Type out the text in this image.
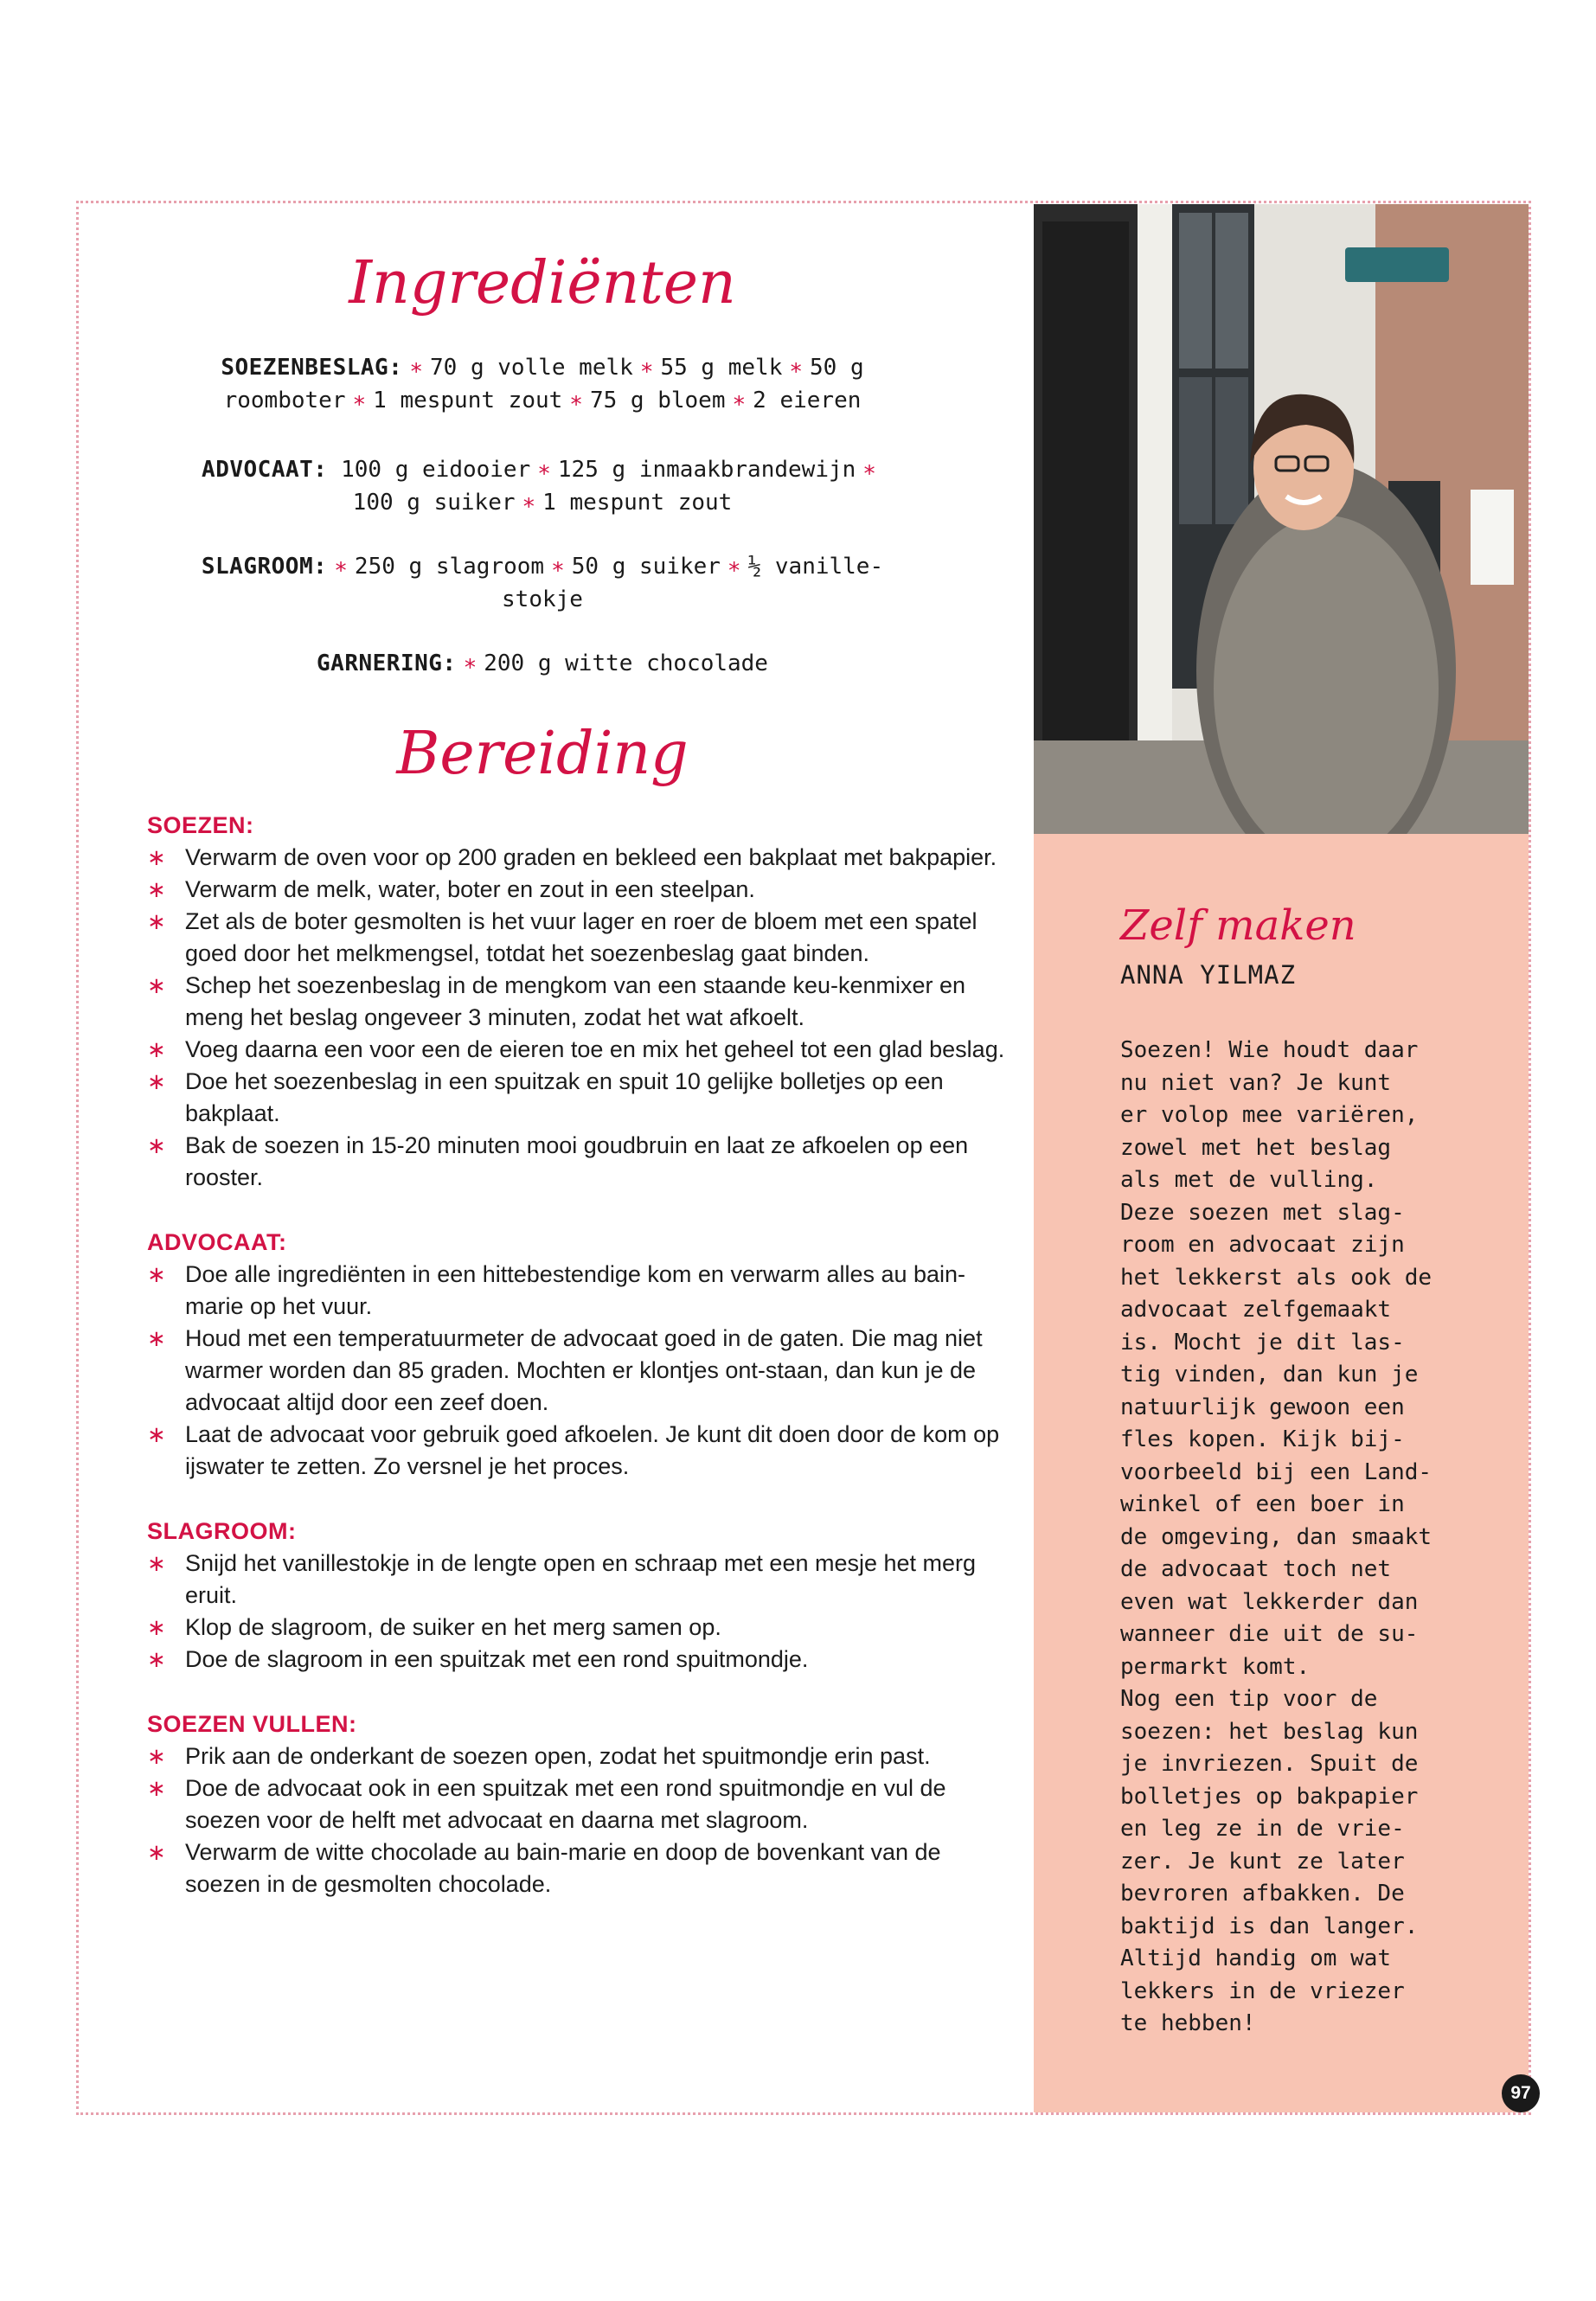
Ingrediënten
SOEZENBESLAG: ∗ 70 g volle melk ∗ 55 g melk ∗ 50 g
roomboter ∗ 1 mespunt zout ∗ 75 g bloem ∗ 2 eieren
ADVOCAAT: 100 g eidooier ∗ 125 g inmaakbrandewijn ∗
100 g suiker ∗ 1 mespunt zout
SLAGROOM: ∗ 250 g slagroom ∗ 50 g suiker ∗ ½ vanille-
stokje
GARNERING: ∗ 200 g witte chocolade
Bereiding
SOEZEN:
∗ Verwarm de oven voor op 200 graden en bekleed een bakplaat met bakpapier.
∗ Verwarm de melk, water, boter en zout in een steelpan.
∗ Zet als de boter gesmolten is het vuur lager en roer de bloem met een spatel goed door het melkmengsel, totdat het soezenbeslag gaat binden.
∗ Schep het soezenbeslag in de mengkom van een staande keu-kenmixer en meng het beslag ongeveer 3 minuten, zodat het wat afkoelt.
∗ Voeg daarna een voor een de eieren toe en mix het geheel tot een glad beslag.
∗ Doe het soezenbeslag in een spuitzak en spuit 10 gelijke bolletjes op een bakplaat.
∗ Bak de soezen in 15-20 minuten mooi goudbruin en laat ze afkoelen op een rooster.
ADVOCAAT:
∗ Doe alle ingrediënten in een hittebestendige kom en verwarm alles au bain-marie op het vuur.
∗ Houd met een temperatuurmeter de advocaat goed in de gaten. Die mag niet warmer worden dan 85 graden. Mochten er klontjes ont-staan, dan kun je de advocaat altijd door een zeef doen.
∗ Laat de advocaat voor gebruik goed afkoelen. Je kunt dit doen door de kom op ijswater te zetten. Zo versnel je het proces.
SLAGROOM:
∗ Snijd het vanillestokje in de lengte open en schraap met een mesje het merg eruit.
∗ Klop de slagroom, de suiker en het merg samen op.
∗ Doe de slagroom in een spuitzak met een rond spuitmondje.
SOEZEN VULLEN:
∗ Prik aan de onderkant de soezen open, zodat het spuitmondje erin past.
∗ Doe de advocaat ook in een spuitzak met een rond spuitmondje en vul de soezen voor de helft met advocaat en daarna met slagroom.
∗ Verwarm de witte chocolade au bain-marie en doop de bovenkant van de soezen in de gesmolten chocolade.
Zelf maken
ANNA YILMAZ
Soezen! Wie houdt daar
nu niet van? Je kunt
er volop mee variëren,
zowel met het beslag
als met de vulling.
Deze soezen met slag-
room en advocaat zijn
het lekkerst als ook de
advocaat zelfgemaakt
is. Mocht je dit las-
tig vinden, dan kun je
natuurlijk gewoon een
fles kopen. Kijk bij-
voorbeeld bij een Land-
winkel of een boer in
de omgeving, dan smaakt
de advocaat toch net
even wat lekkerder dan
wanneer die uit de su-
permarkt komt.
Nog een tip voor de
soezen: het beslag kun
je invriezen. Spuit de
bolletjes op bakpapier
en leg ze in de vrie-
zer. Je kunt ze later
bevroren afbakken. De
baktijd is dan langer.
Altijd handig om wat
lekkers in de vriezer
te hebben!
97
